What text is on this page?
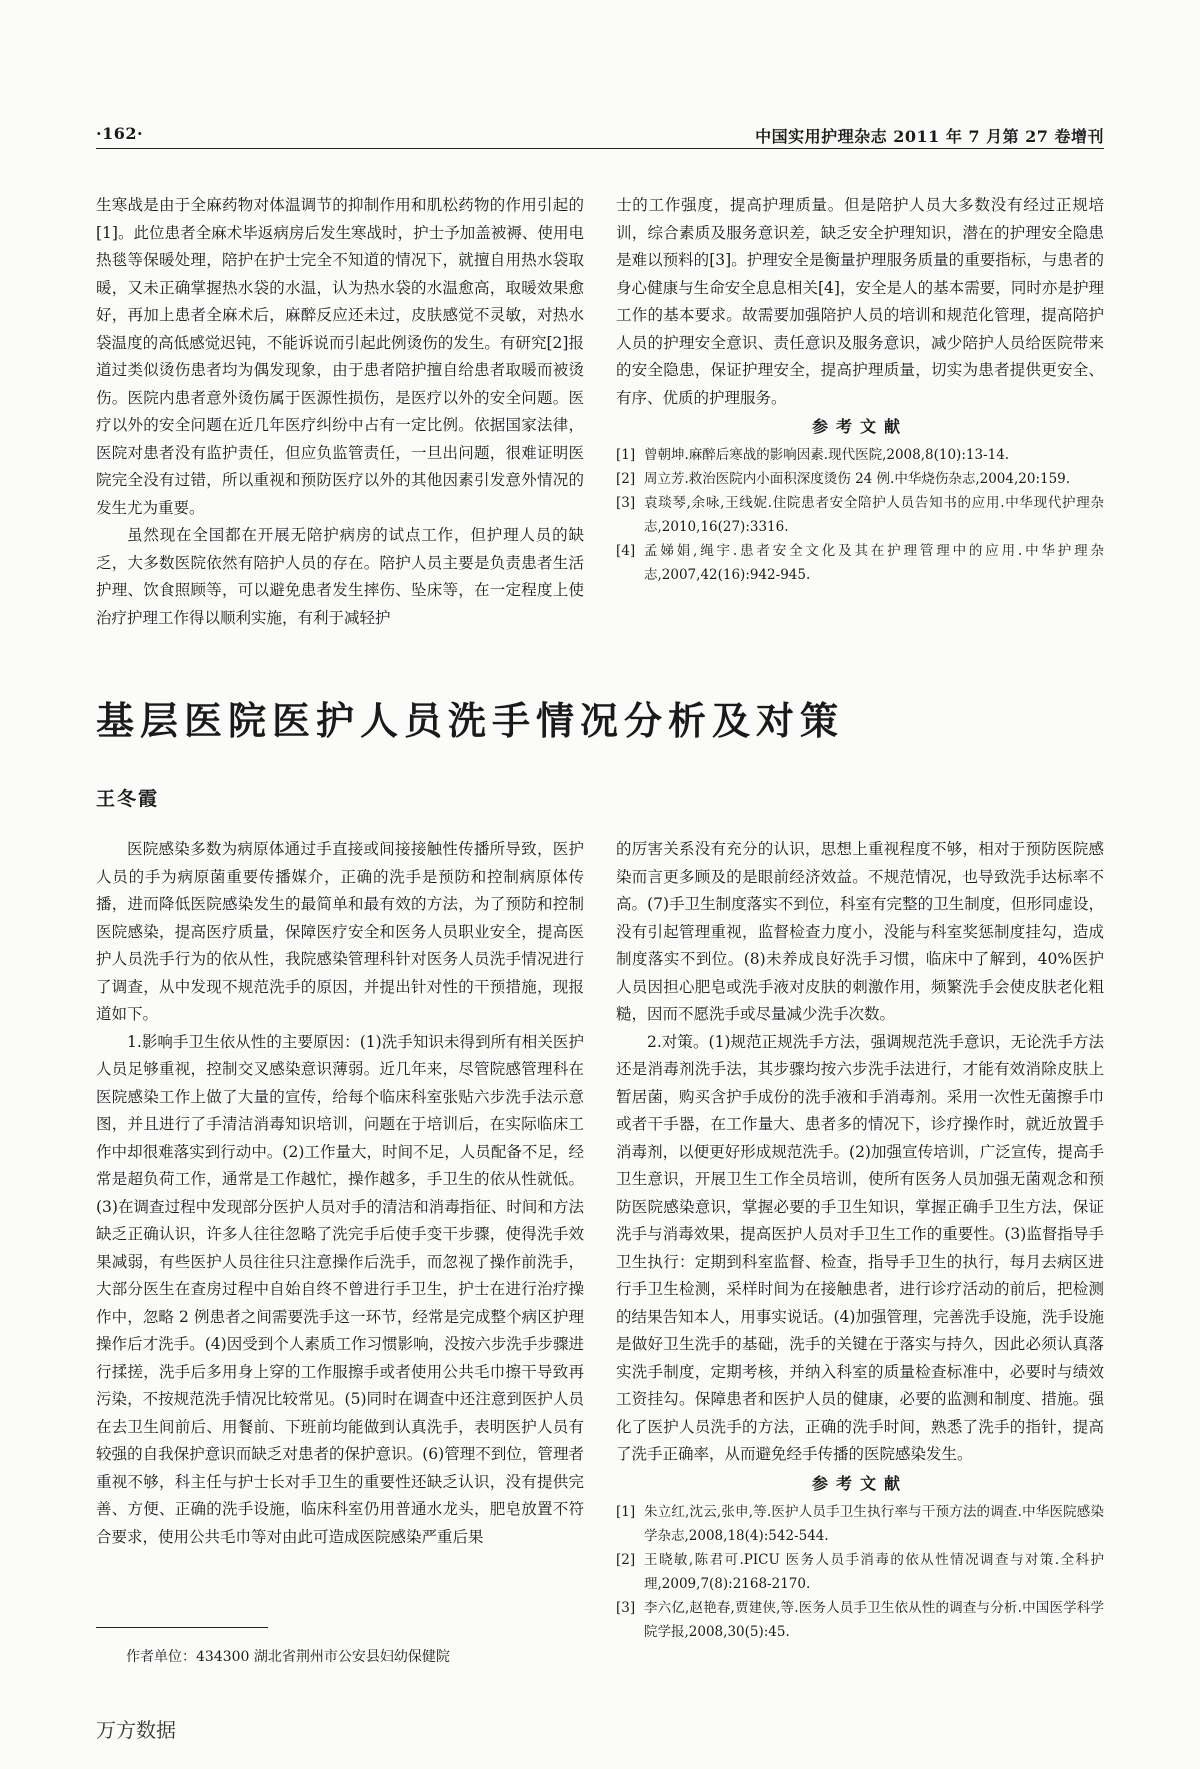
·162·	中国实用护理杂志 2011 年 7 月第 27 卷增刊

生寒战是由于全麻药物对体温调节的抑制作用和肌松药物的作用引起的[1]。此位患者全麻术毕返病房后发生寒战时，护士予加盖被褥、使用电热毯等保暖处理，陪护在护士完全不知道的情况下，就擅自用热水袋取暖，又未正确掌握热水袋的水温，认为热水袋的水温愈高，取暖效果愈好，再加上患者全麻术后，麻醉反应还未过，皮肤感觉不灵敏，对热水袋温度的高低感觉迟钝，不能诉说而引起此例烫伤的发生。有研究[2]报道过类似烫伤患者均为偶发现象，由于患者陪护擅自给患者取暖而被烫伤。医院内患者意外烫伤属于医源性损伤，是医疗以外的安全问题。医疗以外的安全问题在近几年医疗纠纷中占有一定比例。依据国家法律，医院对患者没有监护责任，但应负监管责任，一旦出问题，很难证明医院完全没有过错，所以重视和预防医疗以外的其他因素引发意外情况的发生尤为重要。

虽然现在全国都在开展无陪护病房的试点工作，但护理人员的缺乏，大多数医院依然有陪护人员的存在。陪护人员主要是负责患者生活护理、饮食照顾等，可以避免患者发生摔伤、坠床等，在一定程度上使治疗护理工作得以顺利实施，有利于减轻护

士的工作强度，提高护理质量。但是陪护人员大多数没有经过正规培训，综合素质及服务意识差，缺乏安全护理知识，潜在的护理安全隐患是难以预料的[3]。护理安全是衡量护理服务质量的重要指标，与患者的身心健康与生命安全息息相关[4]，安全是人的基本需要，同时亦是护理工作的基本要求。故需要加强陪护人员的培训和规范化管理，提高陪护人员的护理安全意识、责任意识及服务意识，减少陪护人员给医院带来的安全隐患，保证护理安全，提高护理质量，切实为患者提供更安全、有序、优质的护理服务。

参考文献
[1] 曾朝坤.麻醉后寒战的影响因素.现代医院,2008,8(10):13-14.
[2] 周立芳.救治医院内小面积深度烫伤 24 例.中华烧伤杂志,2004,20:159.
[3] 袁琰琴,余咏,王线妮.住院患者安全陪护人员告知书的应用.中华现代护理杂志,2010,16(27):3316.
[4] 孟娣娟,绳宇.患者安全文化及其在护理管理中的应用.中华护理杂志,2007,42(16):942-945.
基层医院医护人员洗手情况分析及对策
王冬霞

医院感染多数为病原体通过手直接或间接接触性传播所导致，医护人员的手为病原菌重要传播媒介，正确的洗手是预防和控制病原体传播，进而降低医院感染发生的最简单和最有效的方法，为了预防和控制医院感染，提高医疗质量，保障医疗安全和医务人员职业安全，提高医护人员洗手行为的依从性，我院感染管理科针对医务人员洗手情况进行了调查，从中发现不规范洗手的原因，并提出针对性的干预措施，现报道如下。

1.影响手卫生依从性的主要原因：(1)洗手知识未得到所有相关医护人员足够重视，控制交叉感染意识薄弱。近几年来，尽管院感管理科在医院感染工作上做了大量的宣传，给每个临床科室张贴六步洗手法示意图，并且进行了手清洁消毒知识培训，问题在于培训后，在实际临床工作中却很难落实到行动中。(2)工作量大，时间不足，人员配备不足，经常是超负荷工作，通常是工作越忙，操作越多，手卫生的依从性就低。(3)在调查过程中发现部分医护人员对手的清洁和消毒指征、时间和方法缺乏正确认识，许多人往往忽略了洗完手后使手变干步骤，使得洗手效果减弱，有些医护人员往往只注意操作后洗手，而忽视了操作前洗手，大部分医生在查房过程中自始自终不曾进行手卫生，护士在进行治疗操作中，忽略 2 例患者之间需要洗手这一环节，经常是完成整个病区护理操作后才洗手。(4)因受到个人素质工作习惯影响，没按六步洗手步骤进行揉搓，洗手后多用身上穿的工作服擦手或者使用公共毛巾擦干导致再污染，不按规范洗手情况比较常见。(5)同时在调查中还注意到医护人员在去卫生间前后、用餐前、下班前均能做到认真洗手，表明医护人员有较强的自我保护意识而缺乏对患者的保护意识。(6)管理不到位，管理者重视不够，科主任与护士长对手卫生的重要性还缺乏认识，没有提供完善、方便、正确的洗手设施，临床科室仍用普通水龙头，肥皂放置不符合要求，使用公共毛巾等对由此可造成医院感染严重后果

的厉害关系没有充分的认识，思想上重视程度不够，相对于预防医院感染而言更多顾及的是眼前经济效益。不规范情况，也导致洗手达标率不高。(7)手卫生制度落实不到位，科室有完整的卫生制度，但形同虚设，没有引起管理重视，监督检查力度小，没能与科室奖惩制度挂勾，造成制度落实不到位。(8)未养成良好洗手习惯，临床中了解到，40%医护人员因担心肥皂或洗手液对皮肤的刺激作用，频繁洗手会使皮肤老化粗糙，因而不愿洗手或尽量减少洗手次数。

2.对策。(1)规范正规洗手方法，强调规范洗手意识，无论洗手方法还是消毒剂洗手法，其步骤均按六步洗手法进行，才能有效消除皮肤上暂居菌，购买含护手成份的洗手液和手消毒剂。采用一次性无菌擦手巾或者干手器，在工作量大、患者多的情况下，诊疗操作时，就近放置手消毒剂，以便更好形成规范洗手。(2)加强宣传培训，广泛宣传，提高手卫生意识，开展卫生工作全员培训，使所有医务人员加强无菌观念和预防医院感染意识，掌握必要的手卫生知识，掌握正确手卫生方法，保证洗手与消毒效果，提高医护人员对手卫生工作的重要性。(3)监督指导手卫生执行：定期到科室监督、检查，指导手卫生的执行，每月去病区进行手卫生检测，采样时间为在接触患者，进行诊疗活动的前后，把检测的结果告知本人，用事实说话。(4)加强管理，完善洗手设施，洗手设施是做好卫生洗手的基础，洗手的关键在于落实与持久，因此必须认真落实洗手制度，定期考核，并纳入科室的质量检查标准中，必要时与绩效工资挂勾。保障患者和医护人员的健康，必要的监测和制度、措施。强化了医护人员洗手的方法，正确的洗手时间，熟悉了洗手的指针，提高了洗手正确率，从而避免经手传播的医院感染发生。

参考文献
[1] 朱立红,沈云,张申,等.医护人员手卫生执行率与干预方法的调查.中华医院感染学杂志,2008,18(4):542-544.
[2] 王晓敏,陈君可.PICU 医务人员手消毒的依从性情况调查与对策.全科护理,2009,7(8):2168-2170.
[3] 李六亿,赵艳春,贾建侠,等.医务人员手卫生依从性的调查与分析.中国医学科学院学报,2008,30(5):45.
作者单位：434300 湖北省荆州市公安县妇幼保健院
万方数据
